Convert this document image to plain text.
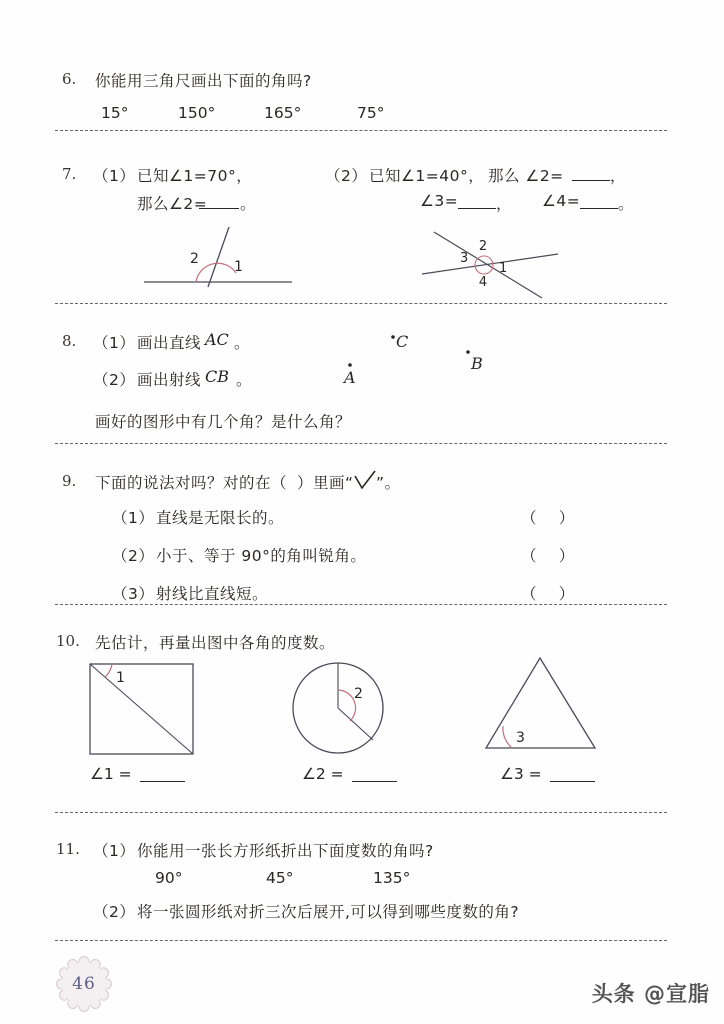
6. 你能用三角尺画出下面的角吗?
15°	150°	165°	75°
7. （1） 已知∠1=70°，
那么∠2= 。
（2） 已知∠1=40°， 那么 ∠2=	，
∠3= ， ∠4= 。
2	1
2
3
1
4
8. （1） 画出直线 AC 。
（2） 画出射线 CB 。
画好的图形中有几个角？是什么角？
A
C
B
9. 下面的说法对吗？对的在（ ）里画“ ”。
（1） 直线是无限长的。	（    ）
（2） 小于、等于 90°的角叫锐角。	（    ）
（3） 射线比直线短。	（    ）
10. 先估计，再量出图中各角的度数。
1
∠1 =
2
∠2 =
3
∠3 =
11. （1） 你能用一张长方形纸折出下面度数的角吗?
90°	45°	135°
（2） 将一张圆形纸对折三次后展开,可以得到哪些度数的角?
46	头条 @宣脂
